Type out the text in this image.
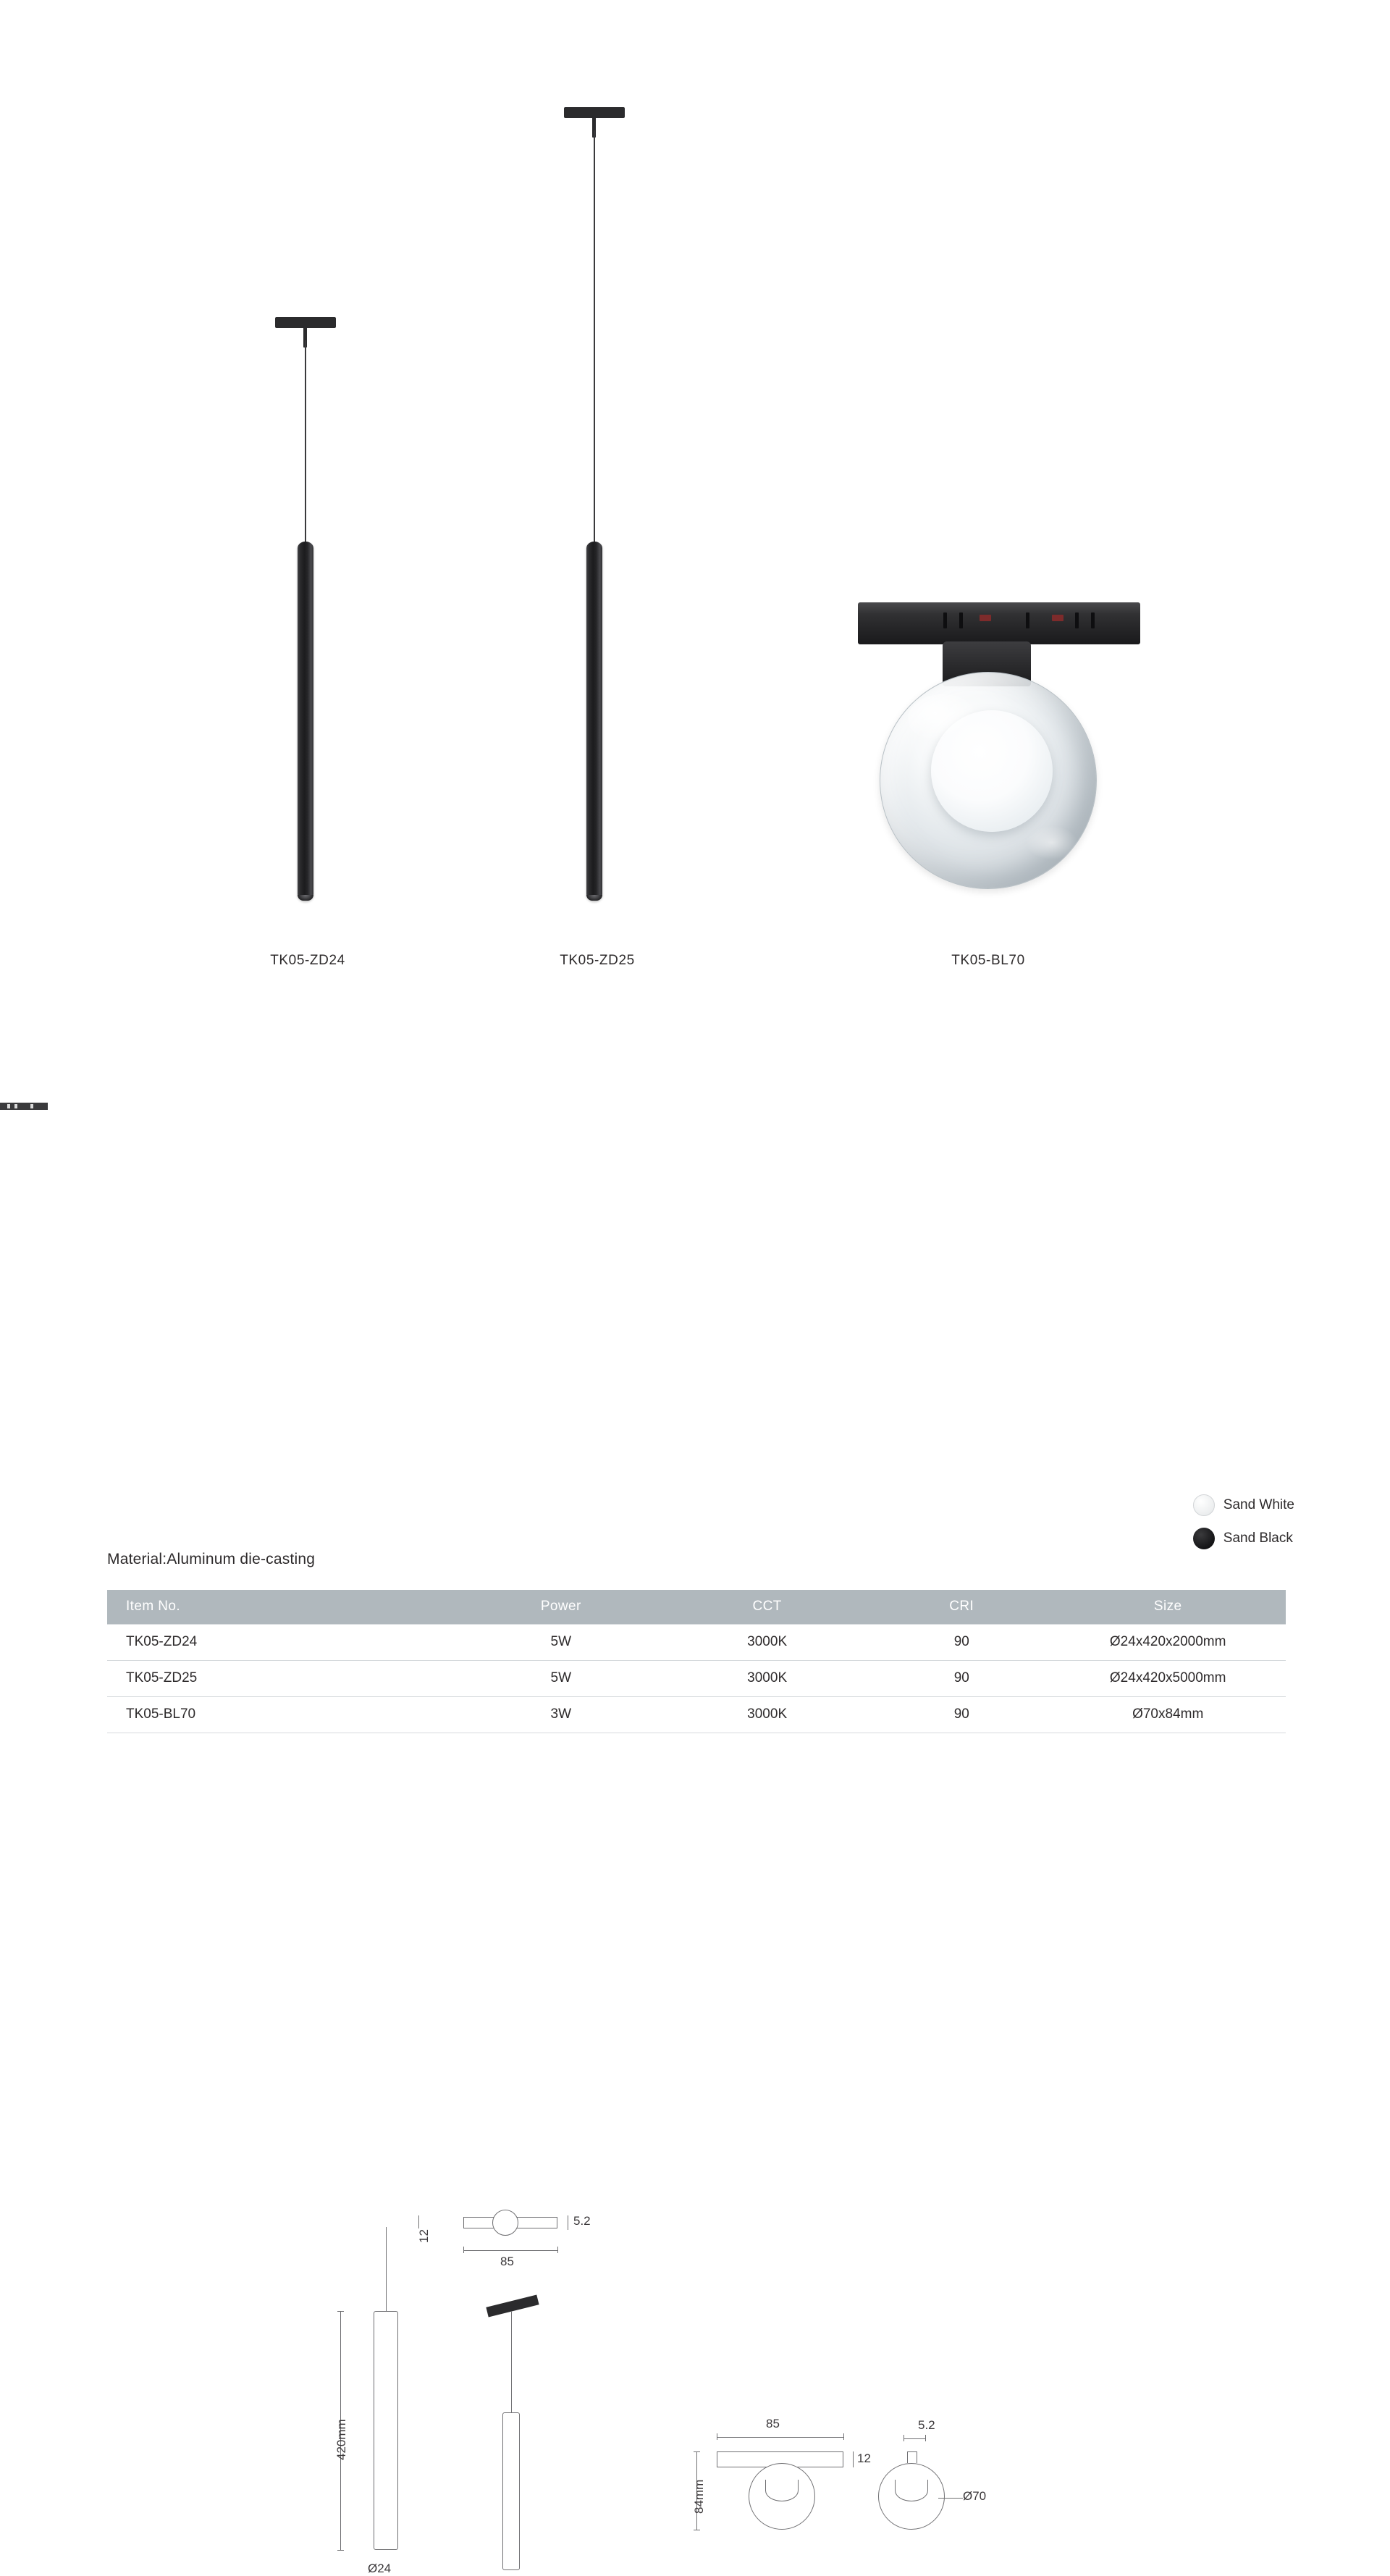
TK05-ZD24	TK05-ZD25	TK05-BL70
12
420mm
Ø24
85
5.2
85
12
84mm
5.2
Ø70
Sand White
Sand Black
Material:Aluminum die-casting
Item No.	Power	CCT	CRI	Size
TK05-ZD24	5W	3000K	90	Ø24x420x2000mm
TK05-ZD25	5W	3000K	90	Ø24x420x5000mm
TK05-BL70	3W	3000K	90	Ø70x84mm
